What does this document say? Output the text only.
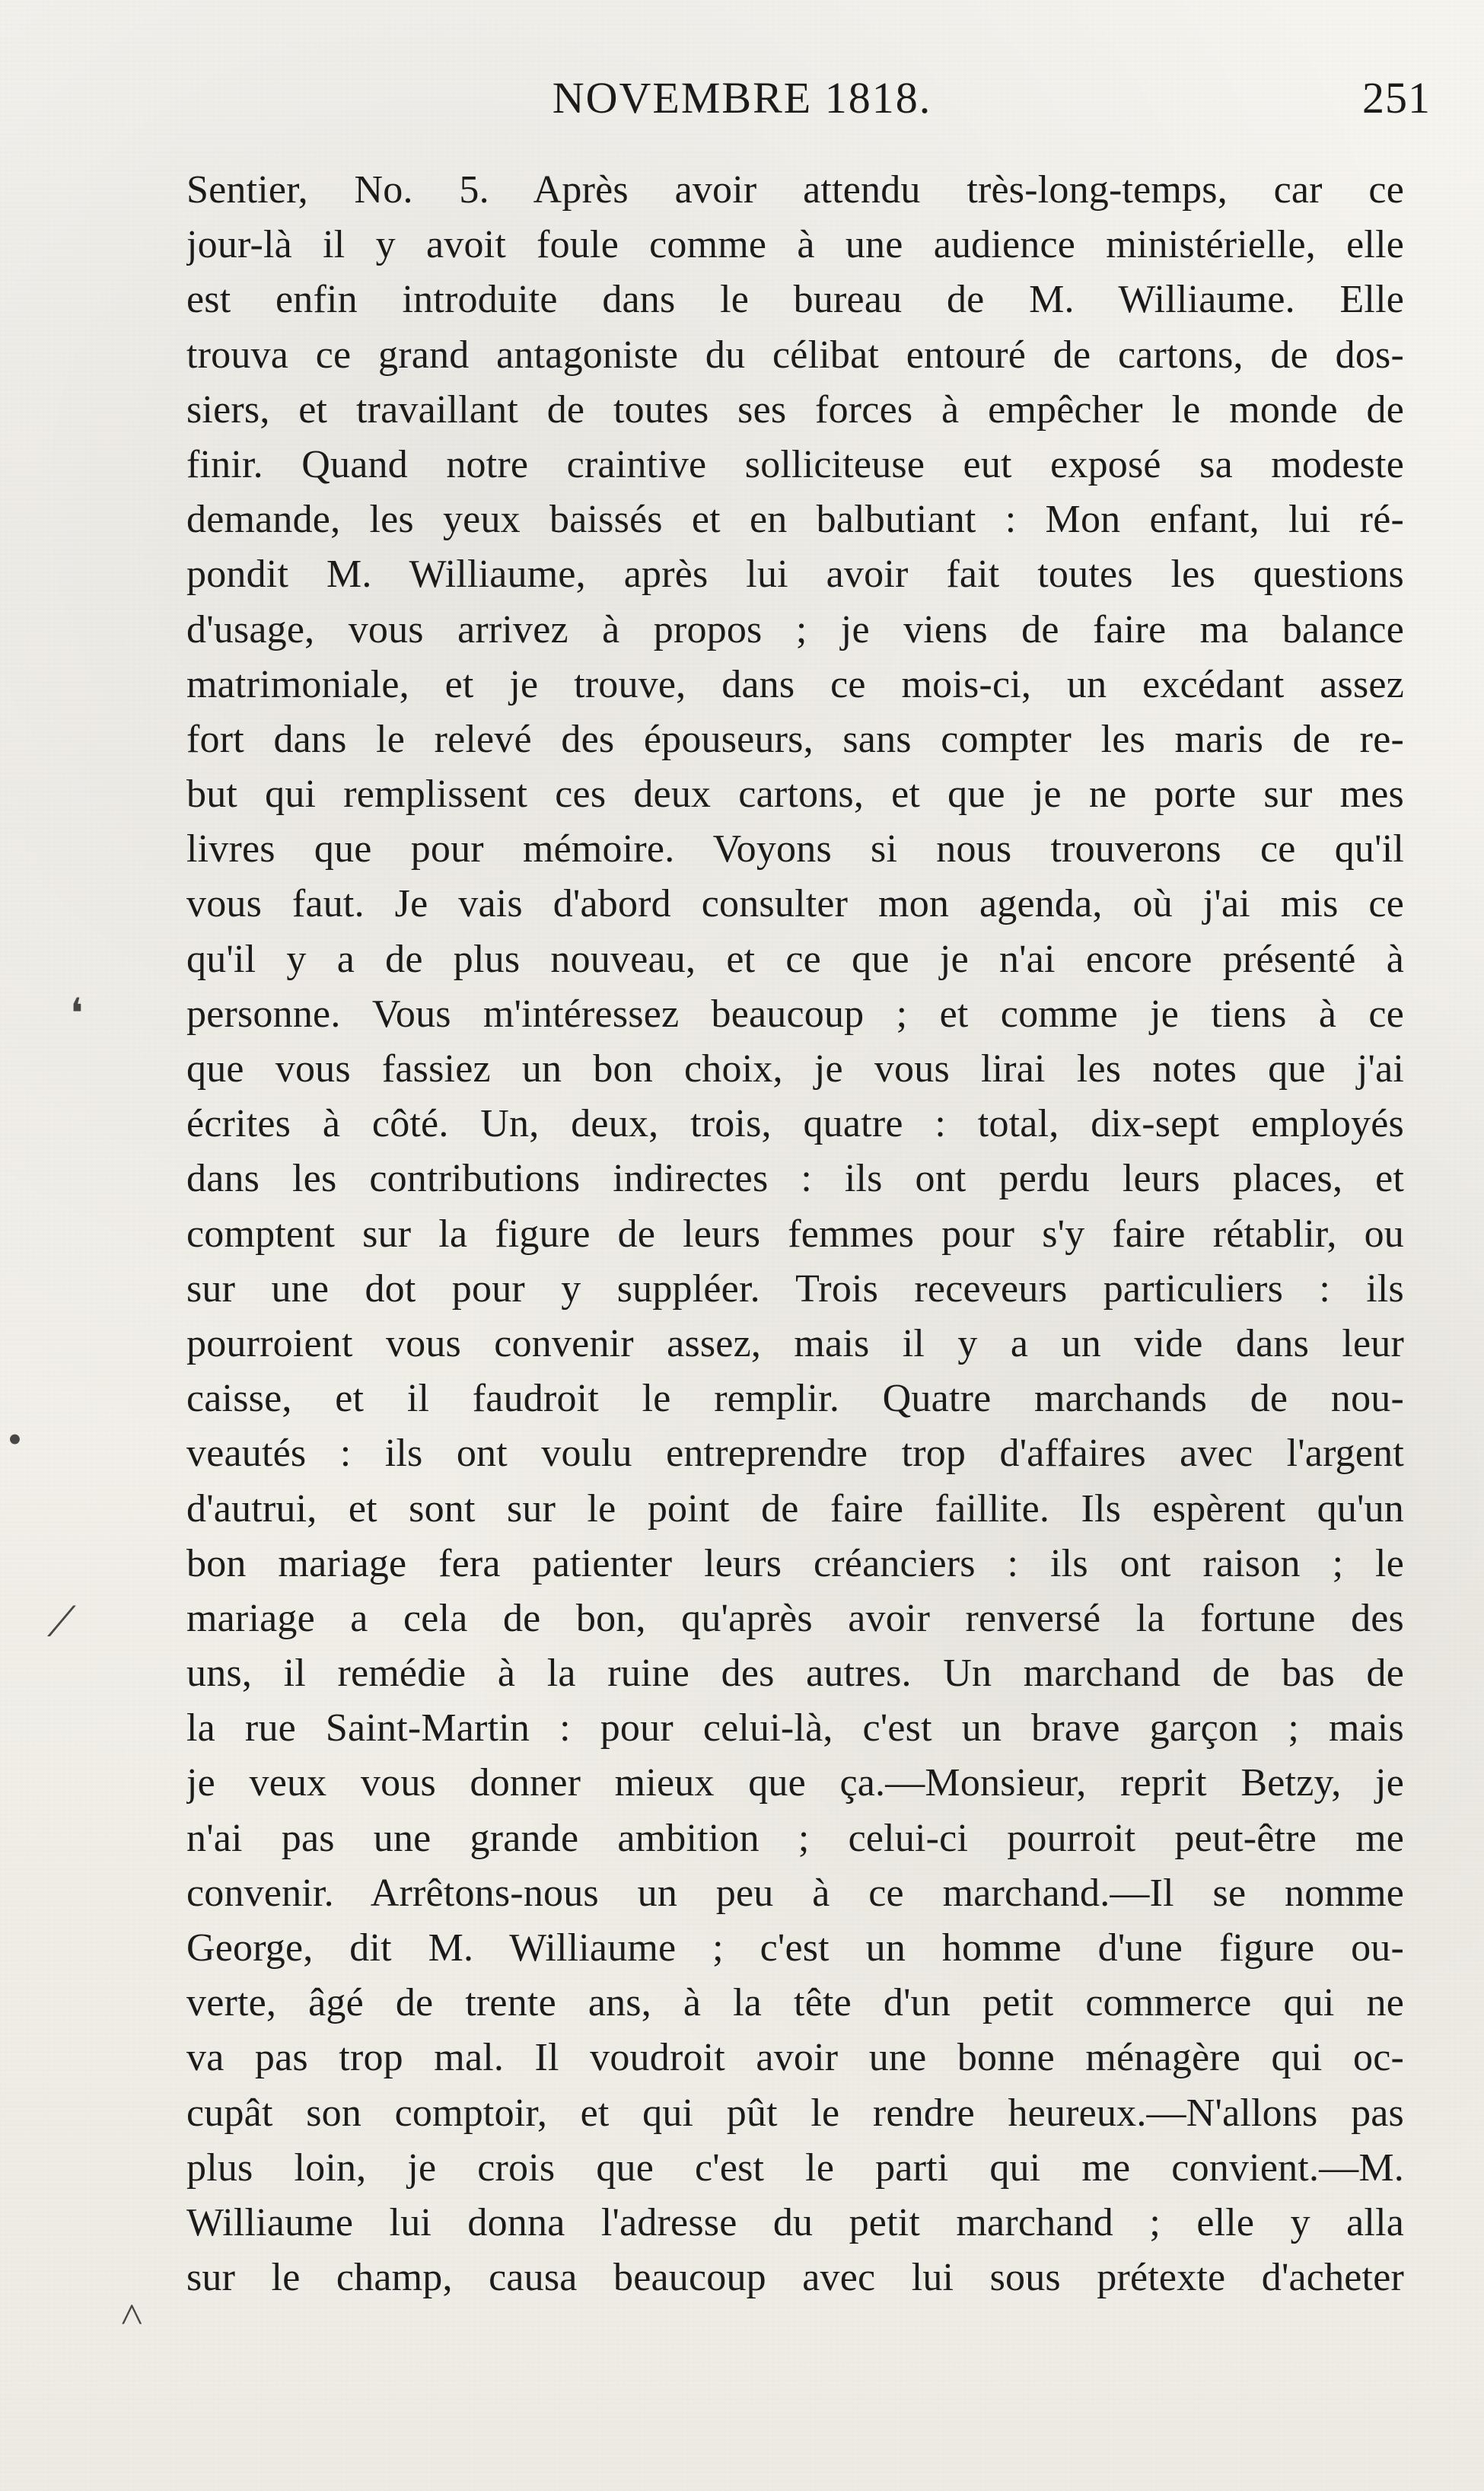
NOVEMBRE 1818.	251
❛
•
⟋
˄
Sentier, No. 5. Après avoir attendu très-long-temps, car ce
jour-là il y avoit foule comme à une audience ministérielle, elle
est enfin introduite dans le bureau de M. Williaume. Elle
trouva ce grand antagoniste du célibat entouré de cartons, de dos-
siers, et travaillant de toutes ses forces à empêcher le monde de
finir. Quand notre craintive solliciteuse eut exposé sa modeste
demande, les yeux baissés et en balbutiant : Mon enfant, lui ré-
pondit M. Williaume, après lui avoir fait toutes les questions
d'usage, vous arrivez à propos ; je viens de faire ma balance
matrimoniale, et je trouve, dans ce mois-ci, un excédant assez
fort dans le relevé des épouseurs, sans compter les maris de re-
but qui remplissent ces deux cartons, et que je ne porte sur mes
livres que pour mémoire. Voyons si nous trouverons ce qu'il
vous faut. Je vais d'abord consulter mon agenda, où j'ai mis ce
qu'il y a de plus nouveau, et ce que je n'ai encore présenté à
personne. Vous m'intéressez beaucoup ; et comme je tiens à ce
que vous fassiez un bon choix, je vous lirai les notes que j'ai
écrites à côté. Un, deux, trois, quatre : total, dix-sept employés
dans les contributions indirectes : ils ont perdu leurs places, et
comptent sur la figure de leurs femmes pour s'y faire rétablir, ou
sur une dot pour y suppléer. Trois receveurs particuliers : ils
pourroient vous convenir assez, mais il y a un vide dans leur
caisse, et il faudroit le remplir. Quatre marchands de nou-
veautés : ils ont voulu entreprendre trop d'affaires avec l'argent
d'autrui, et sont sur le point de faire faillite. Ils espèrent qu'un
bon mariage fera patienter leurs créanciers : ils ont raison ; le
mariage a cela de bon, qu'après avoir renversé la fortune des
uns, il remédie à la ruine des autres. Un marchand de bas de
la rue Saint-Martin : pour celui-là, c'est un brave garçon ; mais
je veux vous donner mieux que ça.—Monsieur, reprit Betzy, je
n'ai pas une grande ambition ; celui-ci pourroit peut-être me
convenir. Arrêtons-nous un peu à ce marchand.—Il se nomme
George, dit M. Williaume ; c'est un homme d'une figure ou-
verte, âgé de trente ans, à la tête d'un petit commerce qui ne
va pas trop mal. Il voudroit avoir une bonne ménagère qui oc-
cupât son comptoir, et qui pût le rendre heureux.—N'allons pas
plus loin, je crois que c'est le parti qui me convient.—M.
Williaume lui donna l'adresse du petit marchand ; elle y alla
sur le champ, causa beaucoup avec lui sous prétexte d'acheter
